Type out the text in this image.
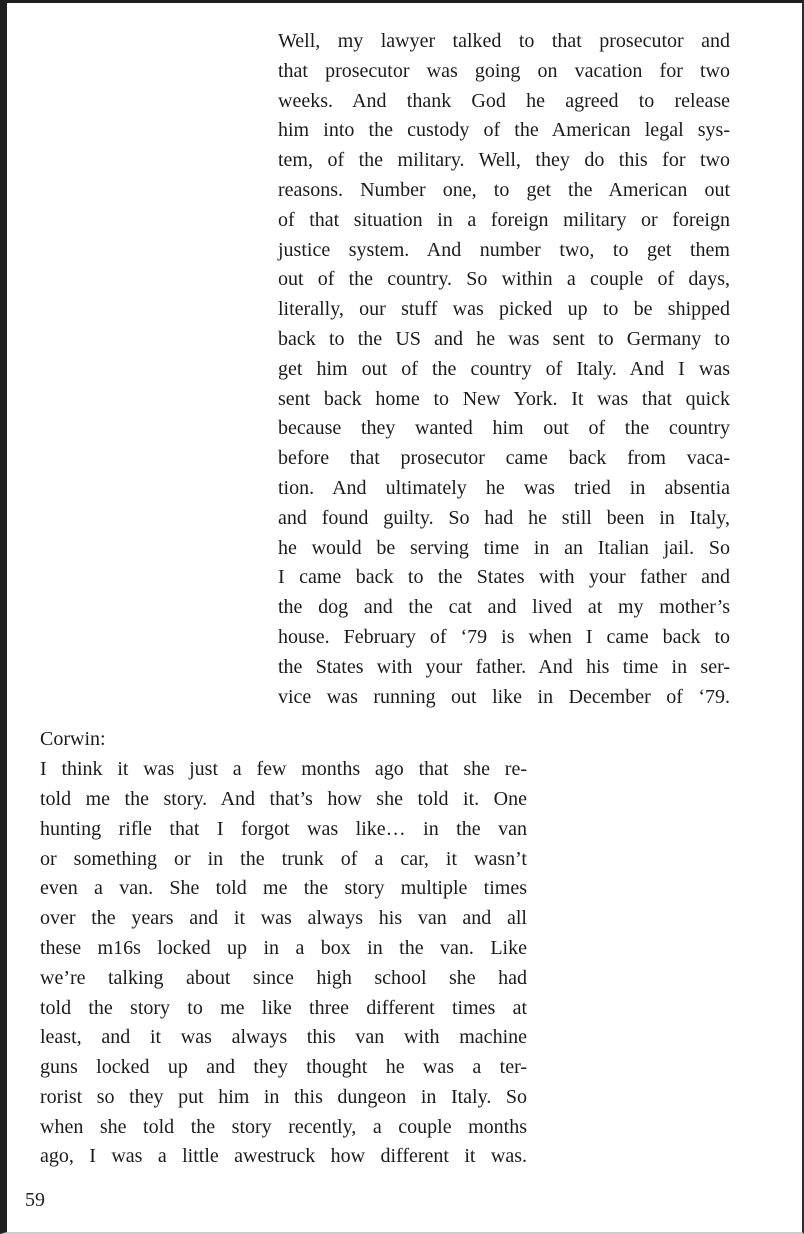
Well, my lawyer talked to that prosecutor and
that prosecutor was going on vacation for two
weeks. And thank God he agreed to release
him into the custody of the American legal sys-
tem, of the military. Well, they do this for two
reasons. Number one, to get the American out
of that situation in a foreign military or foreign
justice system. And number two, to get them
out of the country. So within a couple of days,
literally, our stuff was picked up to be shipped
back to the US and he was sent to Germany to
get him out of the country of Italy. And I was
sent back home to New York. It was that quick
because they wanted him out of the country
before that prosecutor came back from vaca-
tion. And ultimately he was tried in absentia
and found guilty. So had he still been in Italy,
he would be serving time in an Italian jail. So
I came back to the States with your father and
the dog and the cat and lived at my mother’s
house. February of ‘79 is when I came back to
the States with your father. And his time in ser-
vice was running out like in December of ‘79.
Corwin:
I think it was just a few months ago that she re-
told me the story. And that’s how she told it. One
hunting rifle that I forgot was like… in the van
or something or in the trunk of a car, it wasn’t
even a van. She told me the story multiple times
over the years and it was always his van and all
these m16s locked up in a box in the van. Like
we’re talking about since high school she had
told the story to me like three different times at
least, and it was always this van with machine
guns locked up and they thought he was a ter-
rorist so they put him in this dungeon in Italy. So
when she told the story recently, a couple months
ago, I was a little awestruck how different it was.
59
